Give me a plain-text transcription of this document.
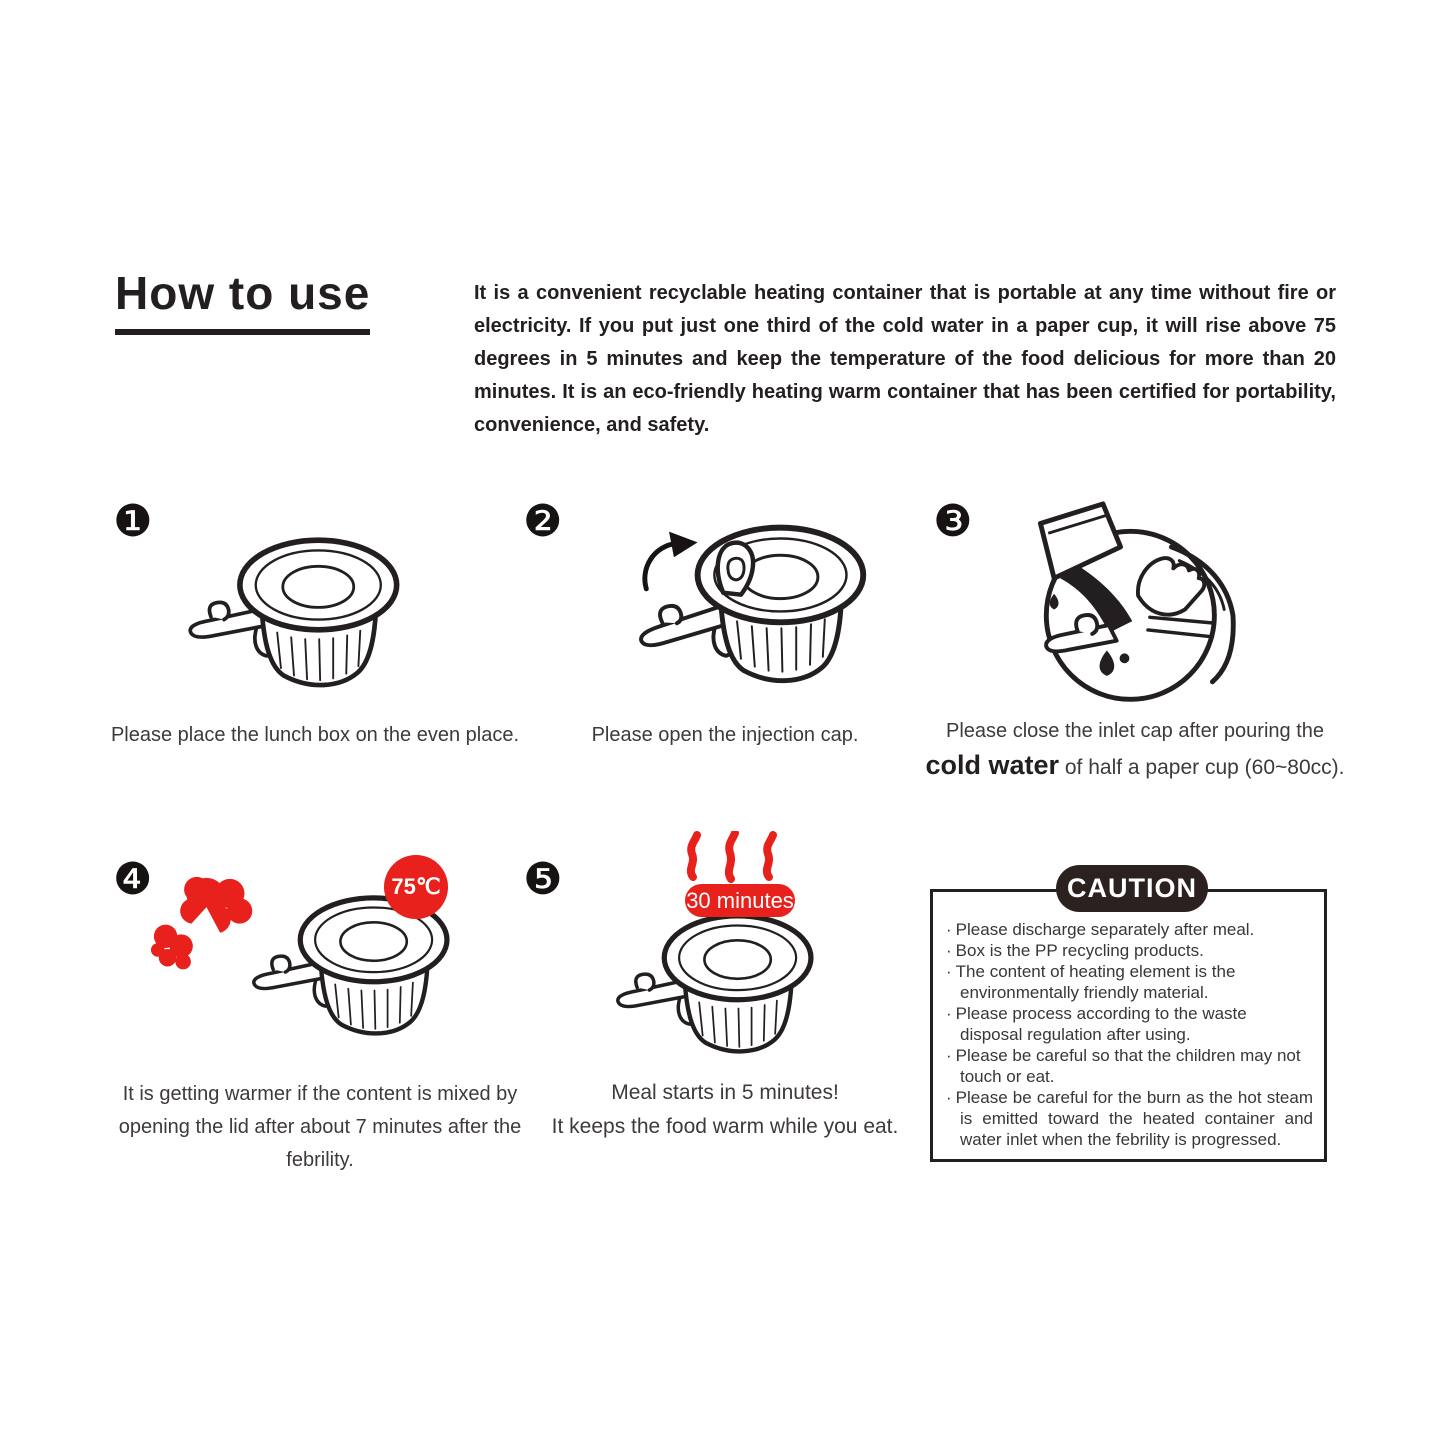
How to use	It is a convenient recyclable heating container that is portable at any time without fire or electricity. If you put just one third of the cold water in a paper cup, it will rise above 75 degrees in 5 minutes and keep the temperature of the food delicious for more than 20 minutes. It is an eco-friendly heating warm container that has been certified for portability, convenience, and safety.
❶
Please place the lunch box on the even place.
❷
Please open the injection cap.
❸
Please close the inlet cap after pouring the
cold water of half a paper cup (60~80cc).
❹	75℃
It is getting warmer if the content is mixed by opening the lid after about 7 minutes after the febrility.
❺	30 minutes
Meal starts in 5 minutes!
It keeps the food warm while you eat.
CAUTION
· Please discharge separately after meal.
· Box is the PP recycling products.
· The content of heating element is the environmentally friendly material.
· Please process according to the waste disposal regulation after using.
· Please be careful so that the children may not touch or eat.
· Please be careful for the burn as the hot steam is emitted toward the heated container and water inlet when the febrility is progressed.
